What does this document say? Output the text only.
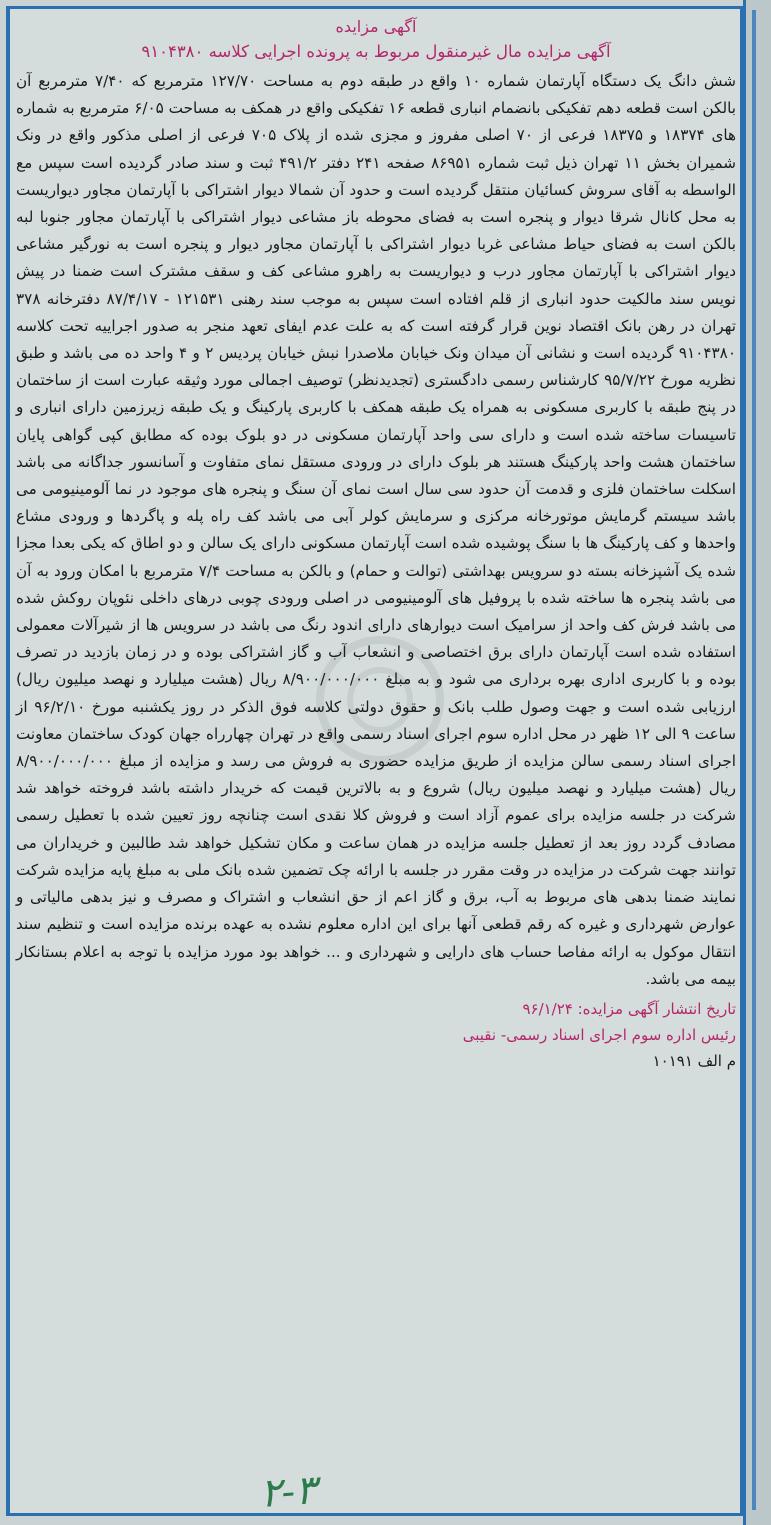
آگهی مزایده

آگهی مزایده مال غیرمنقول مربوط به پرونده اجرایی کلاسه ۹۱۰۴۳۸۰

شش دانگ یک دستگاه آپارتمان شماره ۱۰ واقع در طبقه دوم به مساحت ۱۲۷/۷۰ مترمربع که ۷/۴۰ مترمربع آن بالکن است قطعه دهم تفکیکی بانضمام انباری قطعه ۱۶ تفکیکی واقع در همکف به مساحت ۶/۰۵ مترمربع به شماره های ۱۸۳۷۴ و ۱۸۳۷۵ فرعی از ۷۰ اصلی مفروز و مجزی شده از پلاک ۷۰۵ فرعی از اصلی مذکور واقع در ونک شمیران بخش ۱۱ تهران ذیل ثبت شماره ۸۶۹۵۱ صفحه ۲۴۱ دفتر ۴۹۱/۲ ثبت و سند صادر گردیده است سپس مع الواسطه به آقای سروش کسائیان منتقل گردیده است و حدود آن شمالا دیوار اشتراکی با آپارتمان مجاور دیواریست به محل کانال شرقا دیوار و پنجره است به فضای محوطه باز مشاعی دیوار اشتراکی با آپارتمان مجاور جنوبا لبه بالکن است به فضای حیاط مشاعی غربا دیوار اشتراکی با آپارتمان مجاور دیوار و پنجره است به نورگیر مشاعی دیوار اشتراکی با آپارتمان مجاور درب و دیواریست به راهرو مشاعی کف و سقف مشترک است ضمنا در پیش نویس سند مالکیت حدود انباری از قلم افتاده است سپس به موجب سند رهنی ۱۲۱۵۳۱ - ۸۷/۴/۱۷ دفترخانه ۳۷۸ تهران در رهن بانک اقتصاد نوین قرار گرفته است که به علت عدم ایفای تعهد منجر به صدور اجراییه تحت کلاسه ۹۱۰۴۳۸۰ گردیده است و نشانی آن میدان ونک خیابان ملاصدرا نبش خیابان پردیس ۲ و ۴ واحد ده می باشد و طبق نظریه مورخ ۹۵/۷/۲۲ کارشناس رسمی دادگستری (تجدیدنظر) توصیف اجمالی مورد وثیقه عبارت است از ساختمان در پنج طبقه با کاربری مسکونی به همراه یک طبقه همکف با کاربری پارکینگ و یک طبقه زیرزمین دارای انباری و تاسیسات ساخته شده است و دارای سی واحد آپارتمان مسکونی در دو بلوک بوده که مطابق کپی گواهی پایان ساختمان هشت واحد پارکینگ هستند هر بلوک دارای در ورودی مستقل نمای متفاوت و آسانسور جداگانه می باشد اسکلت ساختمان فلزی و قدمت آن حدود سی سال است نمای آن سنگ و پنجره های موجود در نما آلومینیومی می باشد سیستم گرمایش موتورخانه مرکزی و سرمایش کولر آبی می باشد کف راه پله و پاگردها و ورودی مشاع واحدها و کف پارکینگ ها با سنگ پوشیده شده است آپارتمان مسکونی دارای یک سالن و دو اطاق که یکی بعدا مجزا شده یک آشپزخانه بسته دو سرویس بهداشتی (توالت و حمام) و بالکن به مساحت ۷/۴ مترمربع با امکان ورود به آن می باشد پنجره ها ساخته شده با پروفیل های آلومینیومی در اصلی ورودی چوبی درهای داخلی نئوپان روکش شده می باشد فرش کف واحد از سرامیک است دیوارهای دارای اندود رنگ می باشد در سرویس ها از شیرآلات معمولی استفاده شده است آپارتمان دارای برق اختصاصی و انشعاب آب و گاز اشتراکی بوده و در زمان بازدید در تصرف بوده و با کاربری اداری بهره برداری می شود و به مبلغ ۸/۹۰۰/۰۰۰/۰۰۰ ریال (هشت میلیارد و نهصد میلیون ریال) ارزیابی شده است و جهت وصول طلب بانک و حقوق دولتی کلاسه فوق الذکر در روز یکشنبه مورخ ۹۶/۲/۱۰ از ساعت ۹ الی ۱۲ ظهر در محل اداره سوم اجرای اسناد رسمی واقع در تهران چهارراه جهان کودک ساختمان معاونت اجرای اسناد رسمی سالن مزایده از طریق مزایده حضوری به فروش می رسد و مزایده از مبلغ ۸/۹۰۰/۰۰۰/۰۰۰ ریال (هشت میلیارد و نهصد میلیون ریال) شروع و به بالاترین قیمت که خریدار داشته باشد فروخته خواهد شد شرکت در جلسه مزایده برای عموم آزاد است و فروش کلا نقدی است چنانچه روز تعیین شده با تعطیل رسمی مصادف گردد روز بعد از تعطیل جلسه مزایده در همان ساعت و مکان تشکیل خواهد شد طالبین و خریداران می توانند جهت شرکت در مزایده در وقت مقرر در جلسه با ارائه چک تضمین شده بانک ملی به مبلغ پایه مزایده شرکت نمایند ضمنا بدهی های مربوط به آب، برق و گاز اعم از حق انشعاب و اشتراک و مصرف و نیز بدهی مالیاتی و عوارض شهرداری و غیره که رقم قطعی آنها برای این اداره معلوم نشده به عهده برنده مزایده است و تنظیم سند انتقال موکول به ارائه مفاصا حساب های دارایی و شهرداری و ... خواهد بود مورد مزایده با توجه به اعلام بستانکار بیمه می باشد.

تاریخ انتشار آگهی مزایده: ۹۶/۱/۲۴

رئیس اداره سوم اجرای اسناد رسمی- نقیبی

م الف ۱۰۱۹۱

۲-۳
